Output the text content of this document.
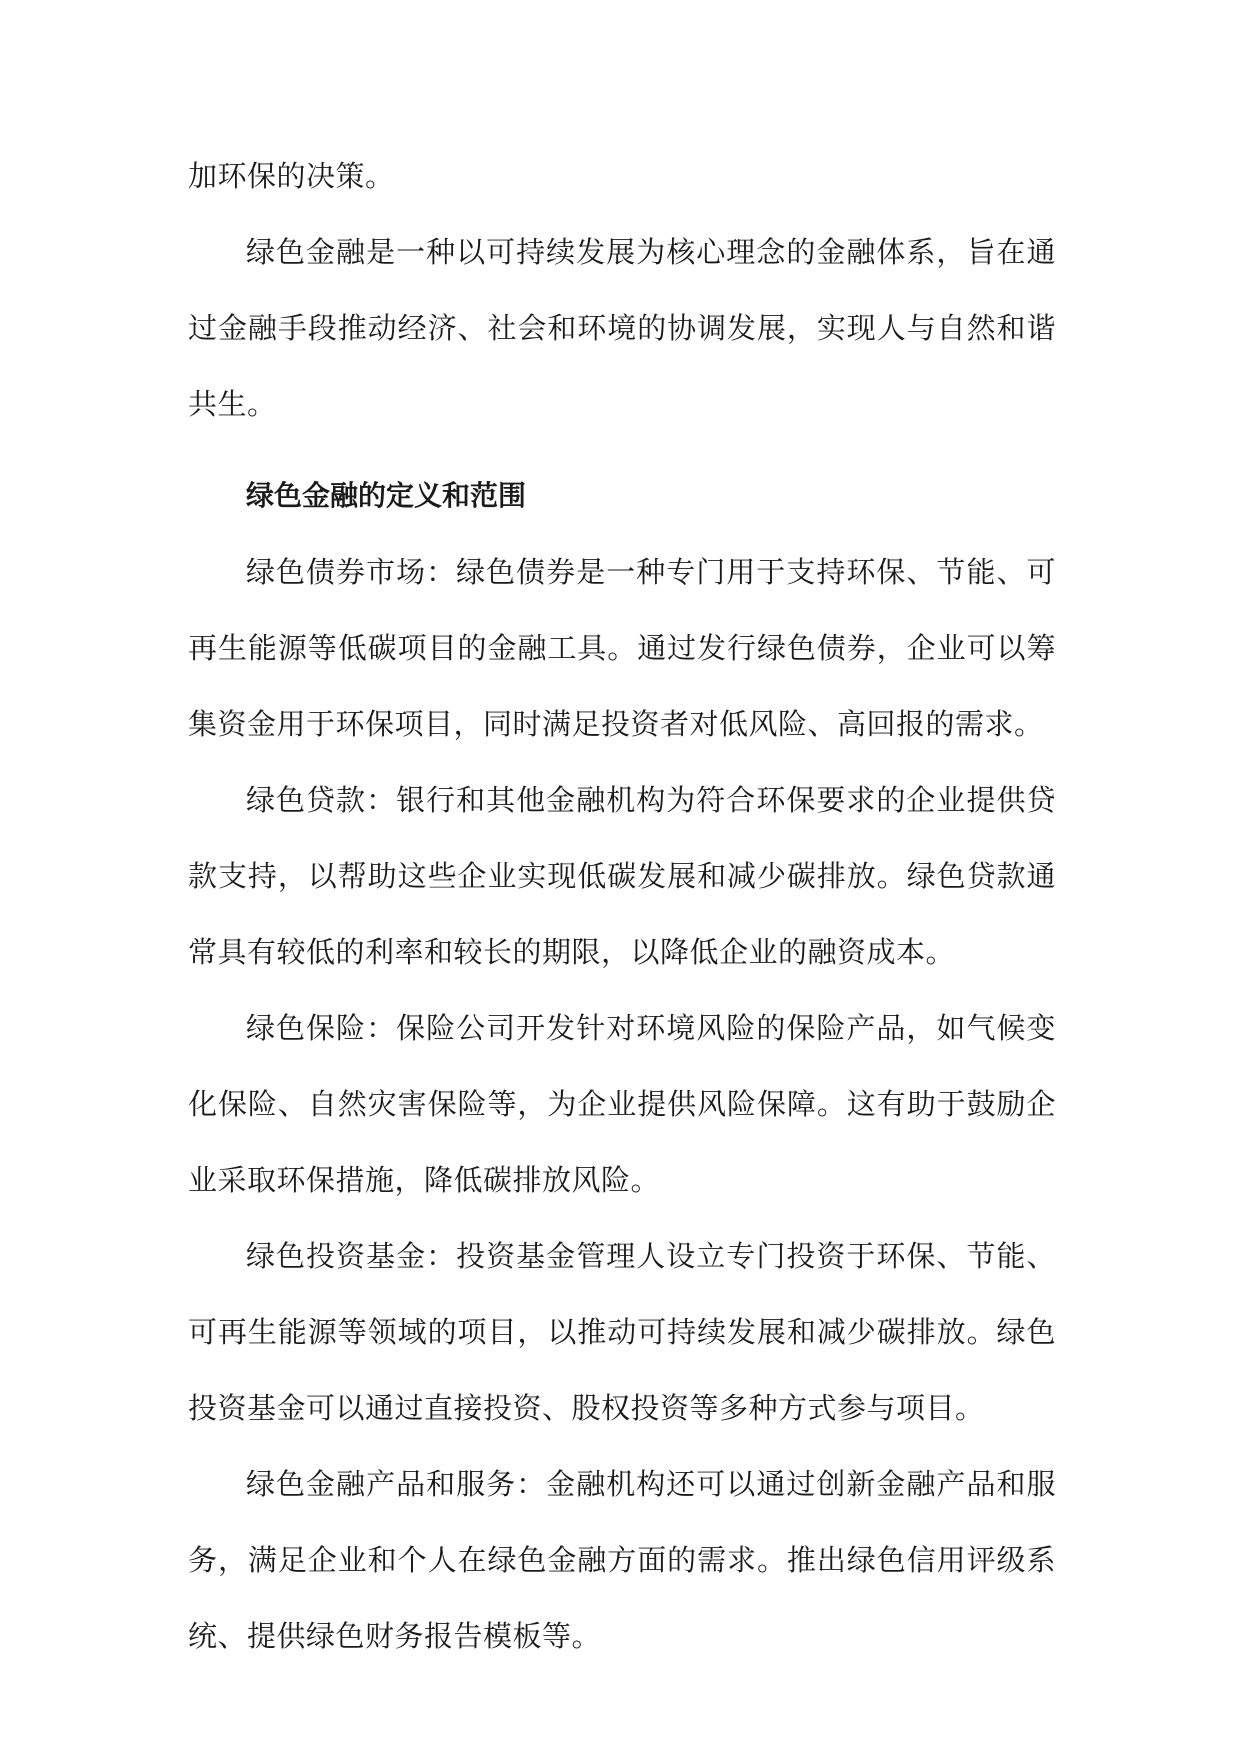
加环保的决策。

绿色金融是一种以可持续发展为核心理念的金融体系，旨在通过金融手段推动经济、社会和环境的协调发展，实现人与自然和谐共生。

绿色金融的定义和范围

绿色债券市场：绿色债券是一种专门用于支持环保、节能、可再生能源等低碳项目的金融工具。通过发行绿色债券，企业可以筹集资金用于环保项目，同时满足投资者对低风险、高回报的需求。

绿色贷款：银行和其他金融机构为符合环保要求的企业提供贷款支持，以帮助这些企业实现低碳发展和减少碳排放。绿色贷款通常具有较低的利率和较长的期限，以降低企业的融资成本。

绿色保险：保险公司开发针对环境风险的保险产品，如气候变化保险、自然灾害保险等，为企业提供风险保障。这有助于鼓励企业采取环保措施，降低碳排放风险。

绿色投资基金：投资基金管理人设立专门投资于环保、节能、可再生能源等领域的项目，以推动可持续发展和减少碳排放。绿色投资基金可以通过直接投资、股权投资等多种方式参与项目。

绿色金融产品和服务：金融机构还可以通过创新金融产品和服务，满足企业和个人在绿色金融方面的需求。推出绿色信用评级系统、提供绿色财务报告模板等。
